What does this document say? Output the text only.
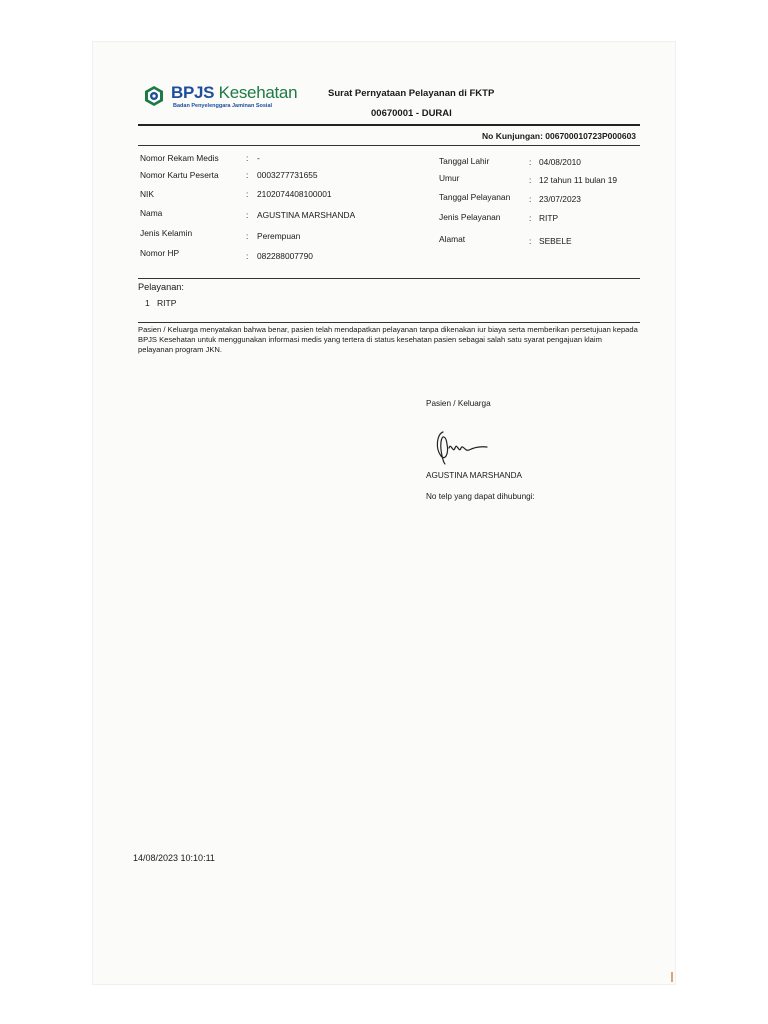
BPJS Kesehatan
Badan Penyelenggara Jaminan Sosial
Surat Pernyataan Pelayanan di FKTP
00670001 - DURAI
No Kunjungan: 006700010723P000603
Nomor Rekam Medis	: -
Nomor Kartu Peserta	: 0003277731655
NIK	: 2102074408100001
Nama	: AGUSTINA MARSHANDA
Jenis Kelamin	: Perempuan
Nomor HP	: 082288007790
Tanggal Lahir	: 04/08/2010
Umur	: 12 tahun 11 bulan 19
Tanggal Pelayanan : 23/07/2023
Jenis Pelayanan	: RITP
Alamat	: SEBELE
Pelayanan:
1 RITP
Pasien / Keluarga menyatakan bahwa benar, pasien telah mendapatkan pelayanan tanpa dikenakan iur biaya serta memberikan persetujuan kepada BPJS Kesehatan untuk menggunakan informasi medis yang tertera di status kesehatan pasien sebagai salah satu syarat pengajuan klaim pelayanan program JKN.
Pasien / Keluarga
AGUSTINA MARSHANDA
No telp yang dapat dihubungi:
14/08/2023 10:10:11
